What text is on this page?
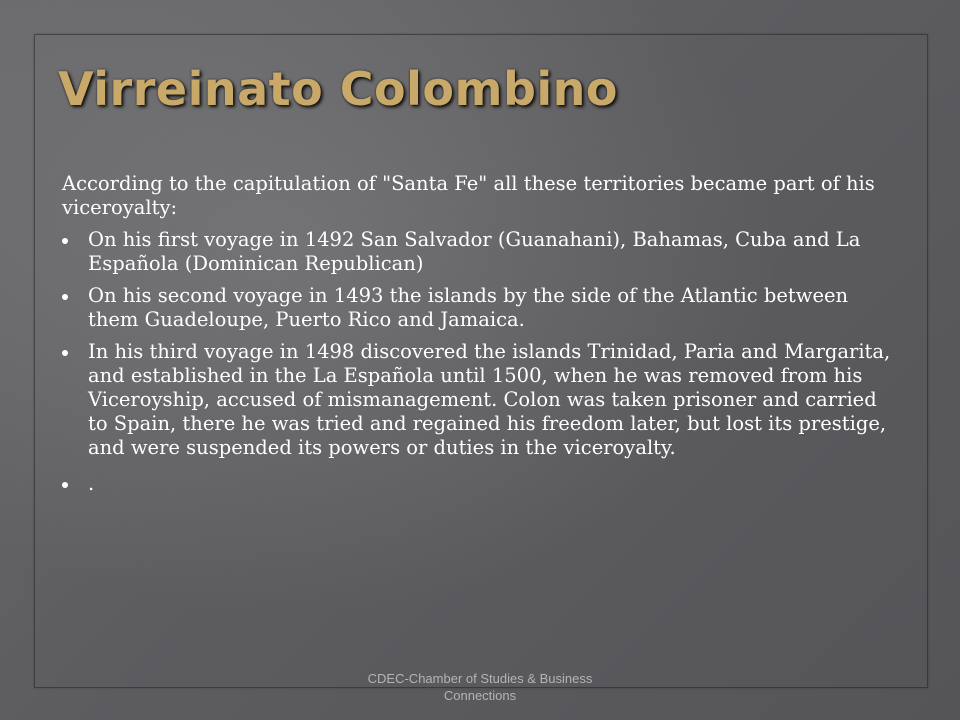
Virreinato Colombino

According to the capitulation of "Santa Fe" all these territories became part of his viceroyalty:

On his first voyage in 1492 San Salvador (Guanahani), Bahamas, Cuba and La Española (Dominican Republican)
On his second voyage in 1493 the islands by the side of the Atlantic between them Guadeloupe, Puerto Rico and Jamaica.
In his third voyage in 1498 discovered the islands Trinidad, Paria and Margarita, and established in the La Española until 1500, when he was removed from his Viceroyship, accused of mismanagement. Colon was taken prisoner and carried to Spain, there he was tried and regained his freedom later, but lost its prestige, and were suspended its powers or duties in the viceroyalty.
.
CDEC-Chamber of Studies & Business Connections
